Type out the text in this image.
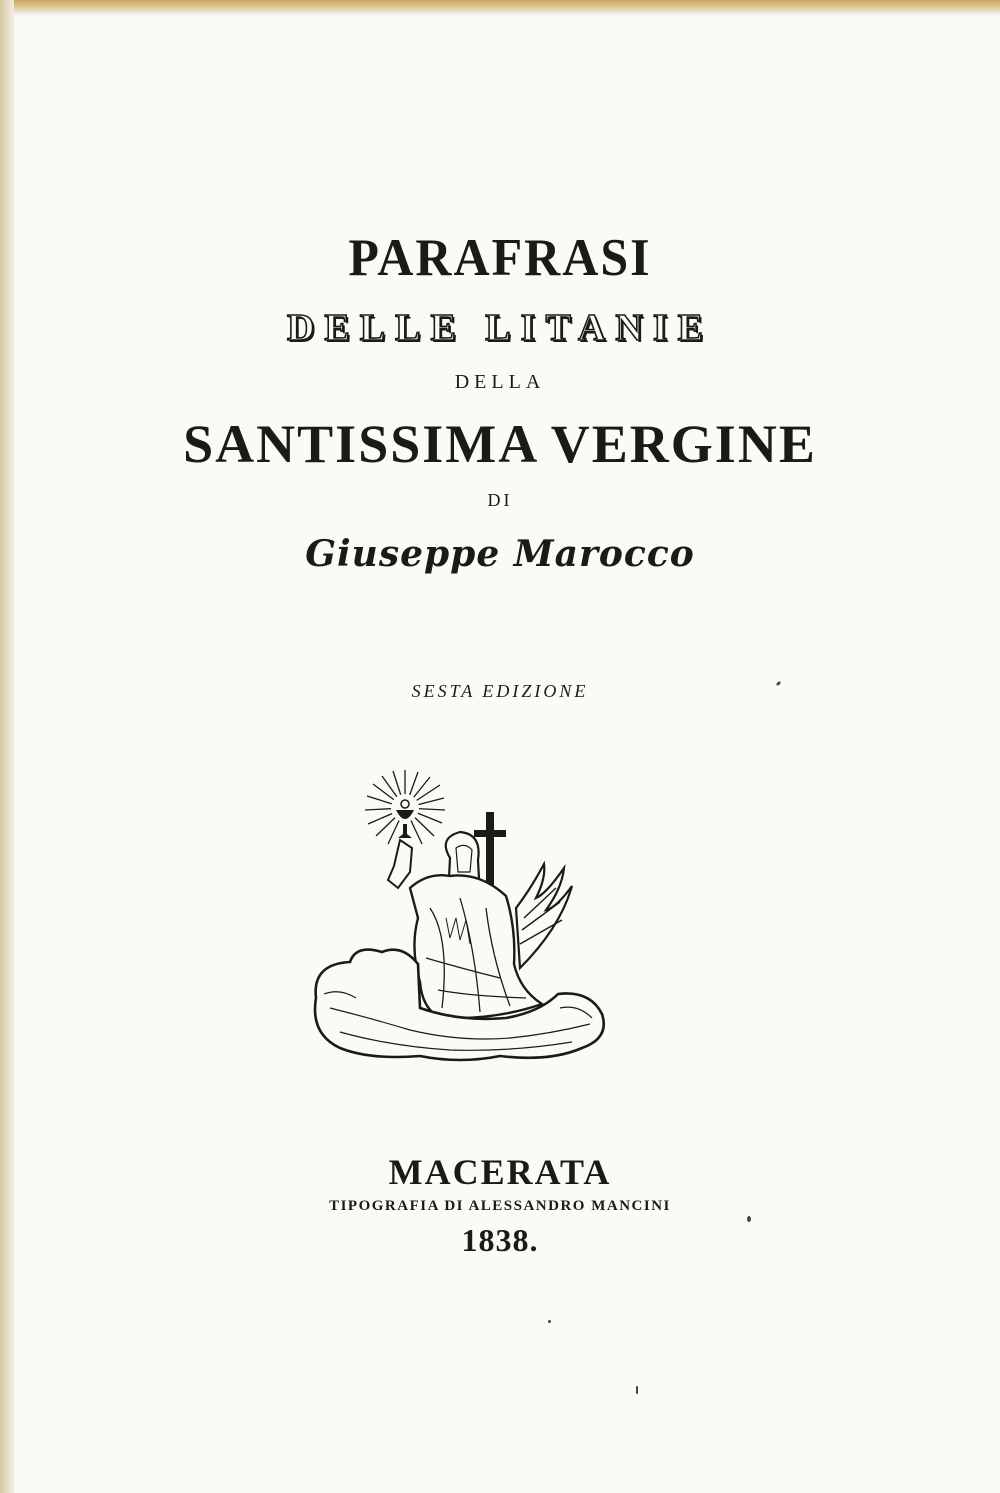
PARAFRASI
DELLE LITANIE
DELLA
SANTISSIMA VERGINE
DI
Giuseppe Marocco
SESTA EDIZIONE
MACERATA
TIPOGRAFIA DI ALESSANDRO MANCINI
1838.
